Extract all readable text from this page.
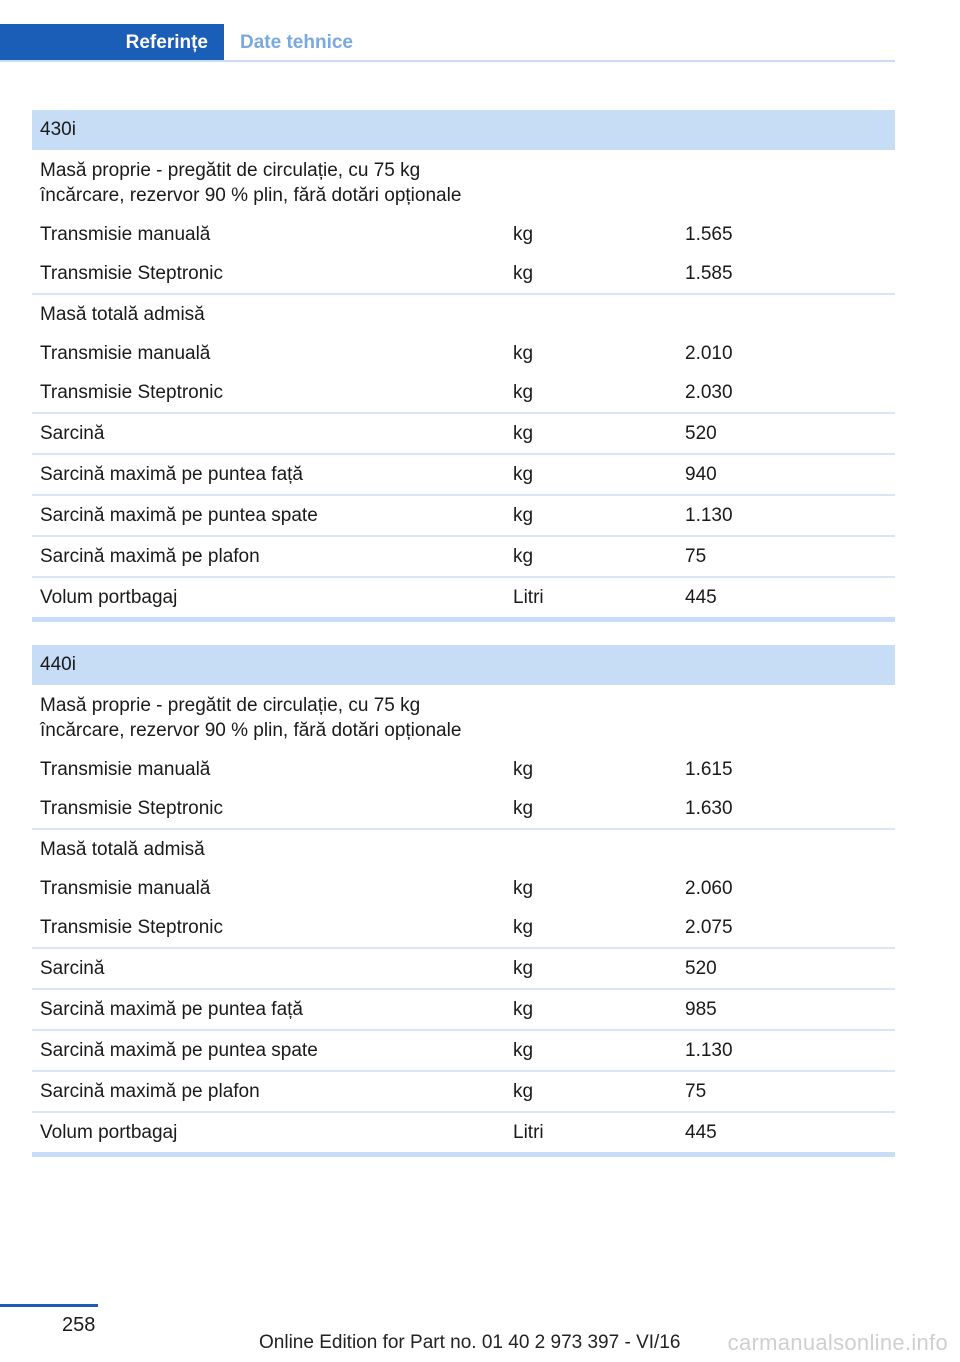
Referințe	Date tehnice
430i
Masă proprie - pregătit de circulație, cu 75 kg încărcare, rezervor 90 % plin, fără dotări opționale
Transmisie manuală	kg	1.565
Transmisie Steptronic	kg	1.585
Masă totală admisă
Transmisie manuală	kg	2.010
Transmisie Steptronic	kg	2.030
Sarcină	kg	520
Sarcină maximă pe puntea față	kg	940
Sarcină maximă pe puntea spate	kg	1.130
Sarcină maximă pe plafon	kg	75
Volum portbagaj	Litri	445
440i
Masă proprie - pregătit de circulație, cu 75 kg încărcare, rezervor 90 % plin, fără dotări opționale
Transmisie manuală	kg	1.615
Transmisie Steptronic	kg	1.630
Masă totală admisă
Transmisie manuală	kg	2.060
Transmisie Steptronic	kg	2.075
Sarcină	kg	520
Sarcină maximă pe puntea față	kg	985
Sarcină maximă pe puntea spate	kg	1.130
Sarcină maximă pe plafon	kg	75
Volum portbagaj	Litri	445
258
Online Edition for Part no. 01 40 2 973 397 - VI/16 carmanualsonline.info
